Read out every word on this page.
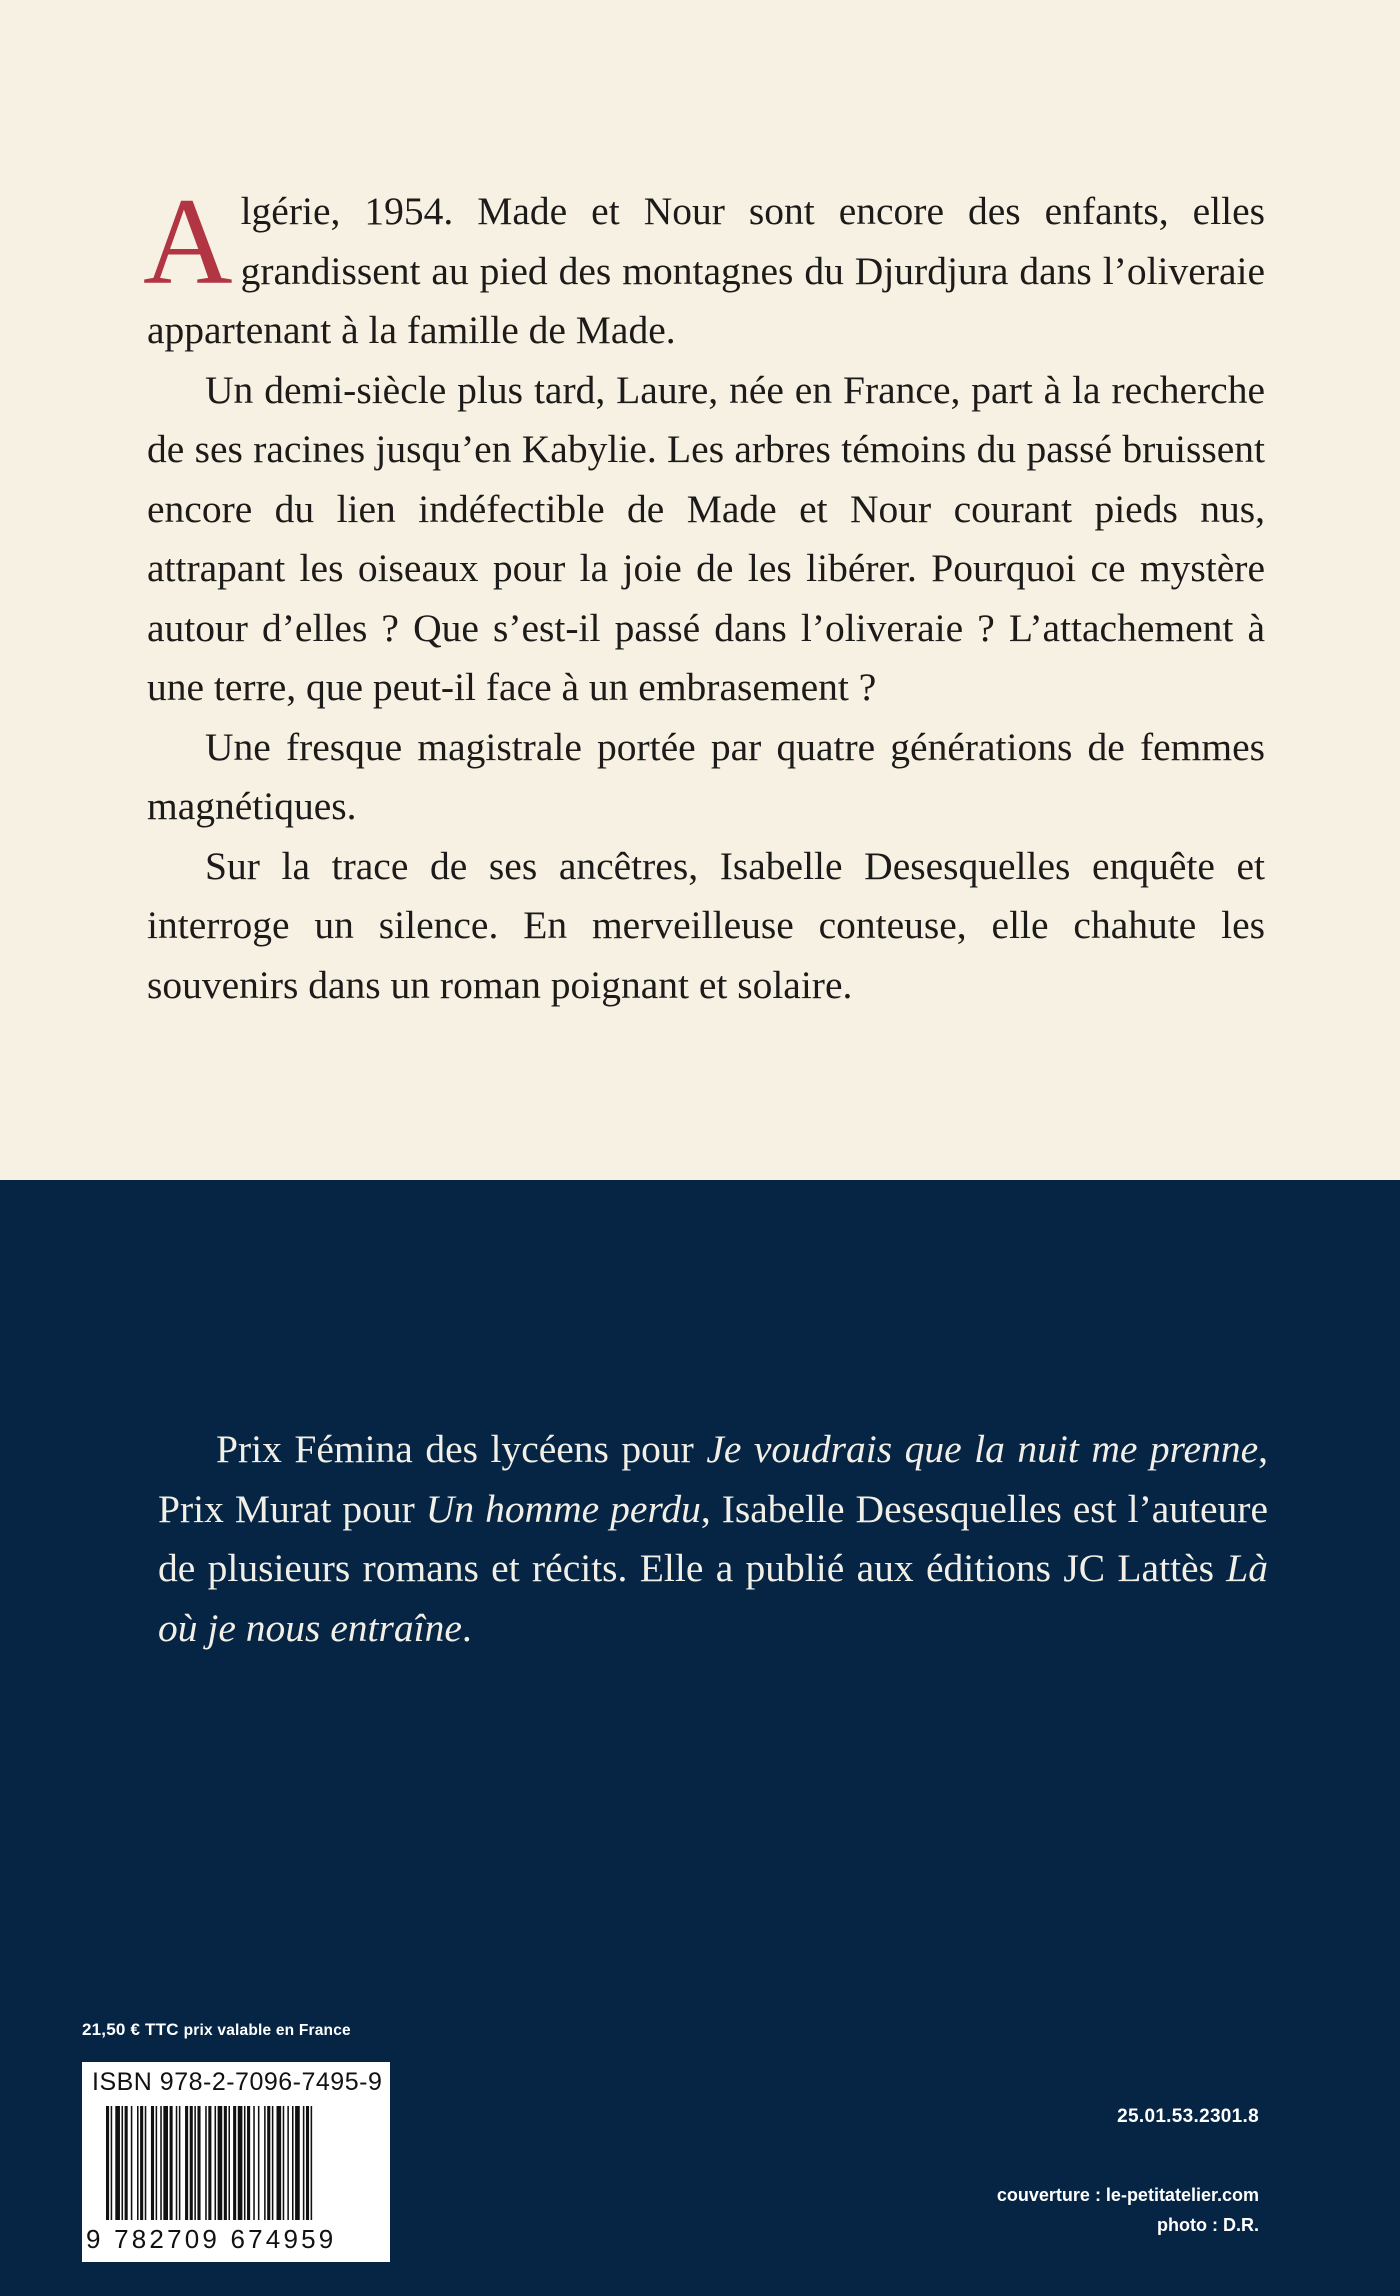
Algérie, 1954. Made et Nour sont encore des enfants, elles grandissent au pied des montagnes du Djurdjura dans l’oliveraie appartenant à la famille de Made.

Un demi-siècle plus tard, Laure, née en France, part à la recherche de ses racines jusqu’en Kabylie. Les arbres témoins du passé bruissent encore du lien indéfectible de Made et Nour courant pieds nus, attrapant les oiseaux pour la joie de les libérer. Pourquoi ce mystère autour d’elles ? Que s’est-il passé dans l’oliveraie ? L’attachement à une terre, que peut-il face à un embrasement ?

Une fresque magistrale portée par quatre générations de femmes magnétiques.

Sur la trace de ses ancêtres, Isabelle Desesquelles enquête et interroge un silence. En merveilleuse conteuse, elle chahute les souvenirs dans un roman poignant et solaire.

Prix Fémina des lycéens pour Je voudrais que la nuit me prenne, Prix Murat pour Un homme perdu, Isabelle Desesquelles est l’auteure de plusieurs romans et récits. Elle a publié aux éditions JC Lattès Là où je nous entraîne.

21,50 € TTC prix valable en France
ISBN 978-2-7096-7495-9
9 782709 674959
25.01.53.2301.8
couverture : le-petitatelier.com
photo : D.R.
